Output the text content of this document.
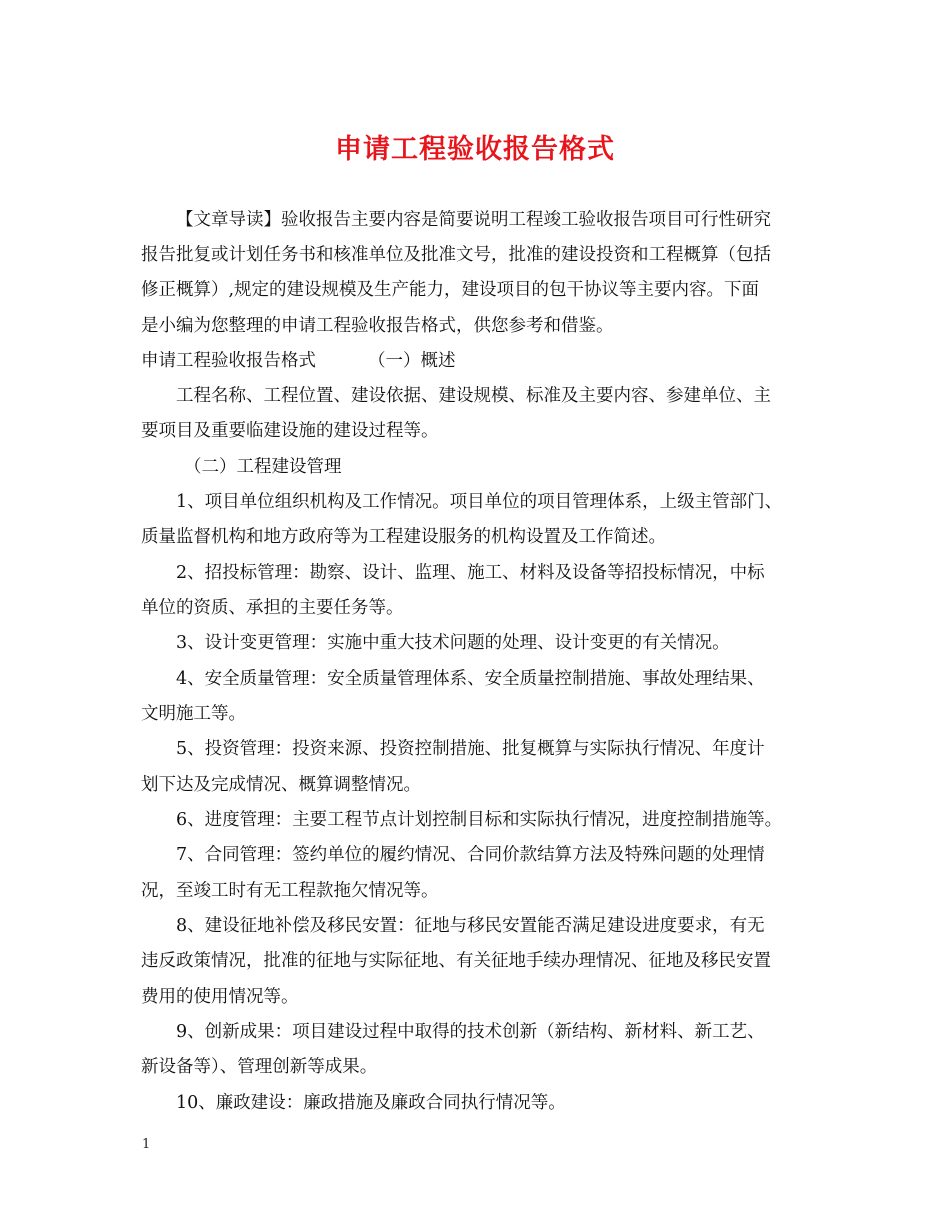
申请工程验收报告格式

【文章导读】验收报告主要内容是简要说明工程竣工验收报告项目可行性研究

报告批复或计划任务书和核准单位及批准文号，批准的建设投资和工程概算（包括

修正概算）,规定的建设规模及生产能力，建设项目的包干协议等主要内容。下面

是小编为您整理的申请工程验收报告格式，供您参考和借鉴。

申请工程验收报告格式	（一）概述

工程名称、工程位置、建设依据、建设规模、标准及主要内容、参建单位、主

要项目及重要临建设施的建设过程等。

（二）工程建设管理

1、项目单位组织机构及工作情况。项目单位的项目管理体系，上级主管部门、

质量监督机构和地方政府等为工程建设服务的机构设置及工作简述。

2、招投标管理：勘察、设计、监理、施工、材料及设备等招投标情况，中标

单位的资质、承担的主要任务等。

3、设计变更管理：实施中重大技术问题的处理、设计变更的有关情况。

4、安全质量管理：安全质量管理体系、安全质量控制措施、事故处理结果、

文明施工等。

5、投资管理：投资来源、投资控制措施、批复概算与实际执行情况、年度计

划下达及完成情况、概算调整情况。

6、进度管理：主要工程节点计划控制目标和实际执行情况，进度控制措施等。

7、合同管理：签约单位的履约情况、合同价款结算方法及特殊问题的处理情

况，至竣工时有无工程款拖欠情况等。

8、建设征地补偿及移民安置：征地与移民安置能否满足建设进度要求，有无

违反政策情况，批准的征地与实际征地、有关征地手续办理情况、征地及移民安置

费用的使用情况等。

9、创新成果：项目建设过程中取得的技术创新（新结构、新材料、新工艺、

新设备等）、管理创新等成果。

10、廉政建设：廉政措施及廉政合同执行情况等。

1
